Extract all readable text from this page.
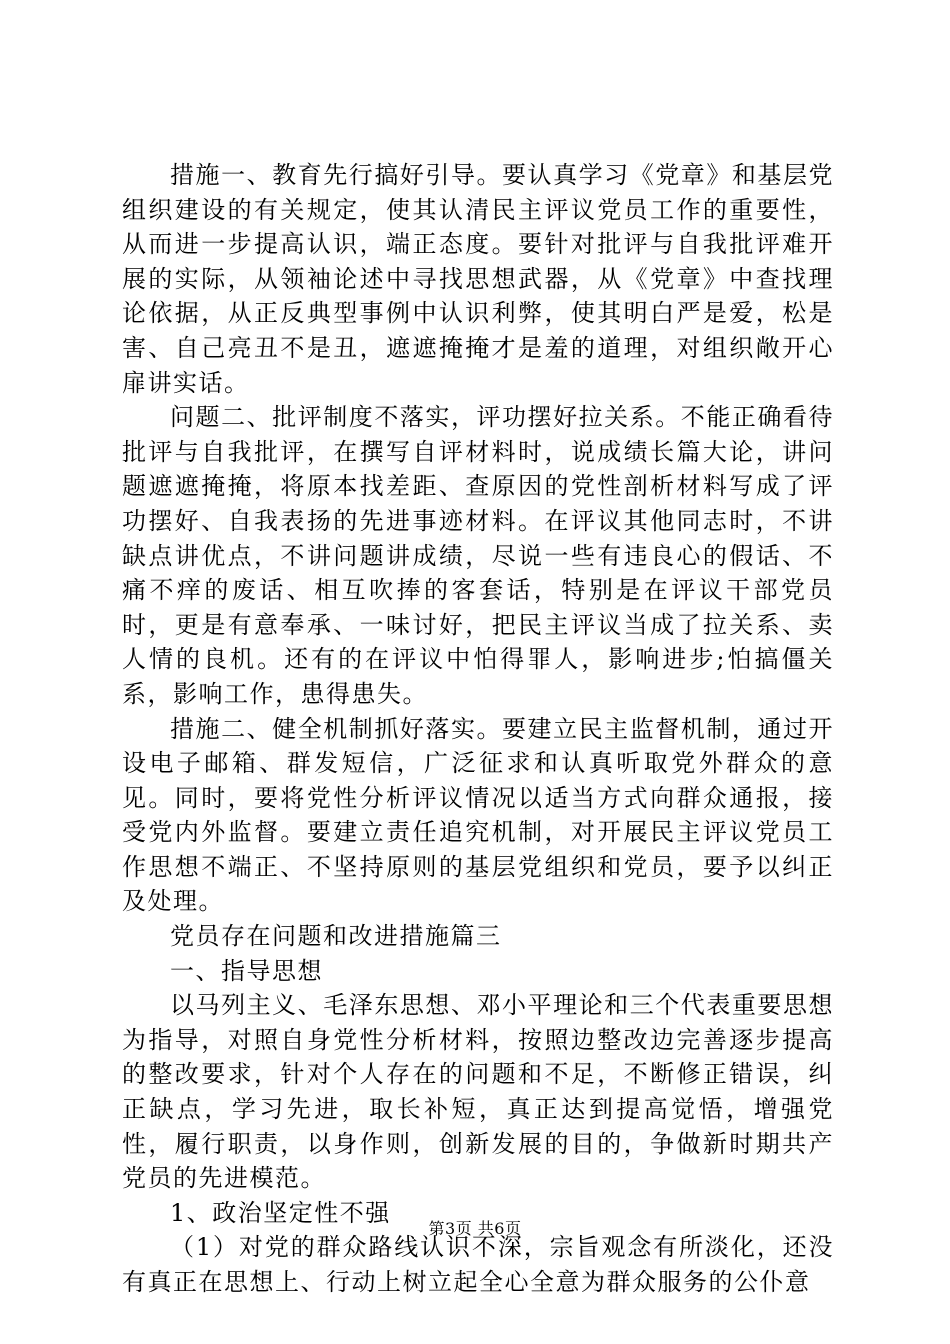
措施一、教育先行搞好引导。要认真学习《党章》和基层党组织建设的有关规定，使其认清民主评议党员工作的重要性，从而进一步提高认识，端正态度。要针对批评与自我批评难开展的实际，从领袖论述中寻找思想武器，从《党章》中查找理论依据，从正反典型事例中认识利弊，使其明白严是爱，松是害、自己亮丑不是丑，遮遮掩掩才是羞的道理，对组织敞开心扉讲实话。

问题二、批评制度不落实，评功摆好拉关系。不能正确看待批评与自我批评，在撰写自评材料时，说成绩长篇大论，讲问题遮遮掩掩，将原本找差距、查原因的党性剖析材料写成了评功摆好、自我表扬的先进事迹材料。在评议其他同志时，不讲缺点讲优点，不讲问题讲成绩，尽说一些有违良心的假话、不痛不痒的废话、相互吹捧的客套话，特别是在评议干部党员时，更是有意奉承、一味讨好，把民主评议当成了拉关系、卖人情的良机。还有的在评议中怕得罪人，影响进步;怕搞僵关系，影响工作，患得患失。

措施二、健全机制抓好落实。要建立民主监督机制，通过开设电子邮箱、群发短信，广泛征求和认真听取党外群众的意见。同时，要将党性分析评议情况以适当方式向群众通报，接受党内外监督。要建立责任追究机制，对开展民主评议党员工作思想不端正、不坚持原则的基层党组织和党员，要予以纠正及处理。

党员存在问题和改进措施篇三

一、指导思想

以马列主义、毛泽东思想、邓小平理论和三个代表重要思想为指导，对照自身党性分析材料，按照边整改边完善逐步提高的整改要求，针对个人存在的问题和不足，不断修正错误，纠正缺点，学习先进，取长补短，真正达到提高觉悟，增强党性，履行职责，以身作则，创新发展的目的，争做新时期共产党员的先进模范。

1、政治坚定性不强

（1）对党的群众路线认识不深，宗旨观念有所淡化，还没有真正在思想上、行动上树立起全心全意为群众服务的公仆意

第3页 共6页
